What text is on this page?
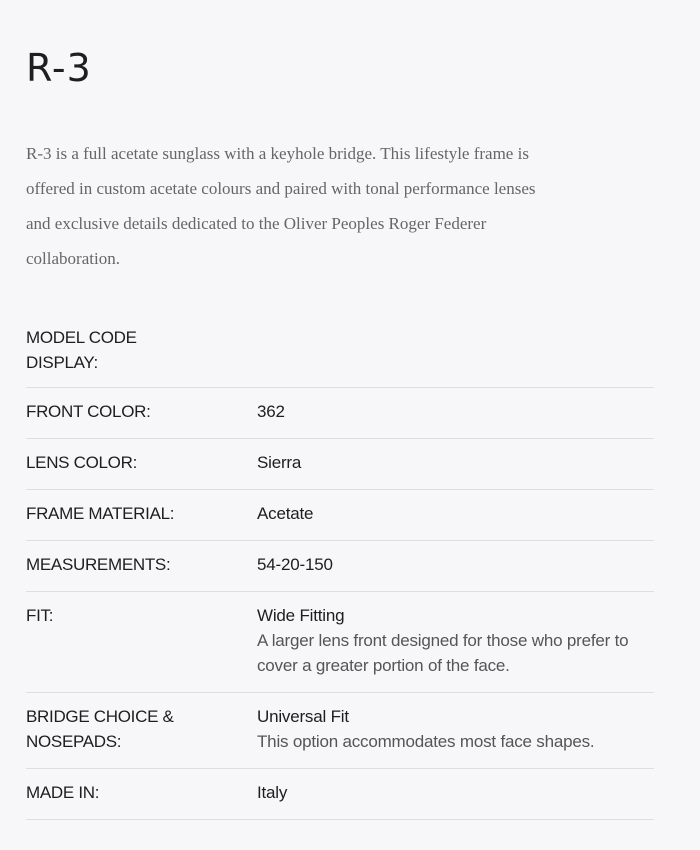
R-3

R-3 is a full acetate sunglass with a keyhole bridge. This lifestyle frame is offered in custom acetate colours and paired with tonal performance lenses and exclusive details dedicated to the Oliver Peoples Roger Federer collaboration.

MODEL CODE DISPLAY:
FRONT COLOR:	362
LENS COLOR:	Sierra
FRAME MATERIAL:	Acetate
MEASUREMENTS:	54-20-150
FIT:	Wide Fitting
A larger lens front designed for those who prefer to cover a greater portion of the face.
BRIDGE CHOICE & NOSEPADS:
Universal Fit
This option accommodates most face shapes.
MADE IN:	Italy
